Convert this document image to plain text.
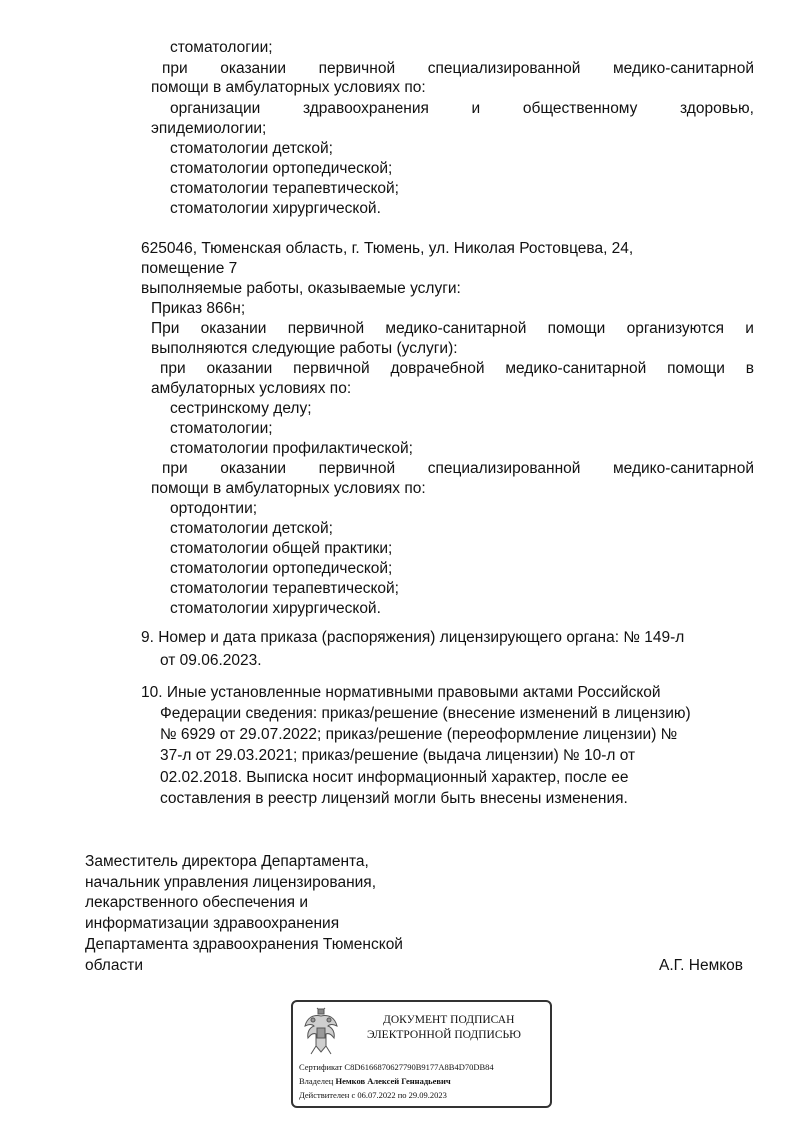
стоматологии;
при оказании первичной специализированной медико-санитарной
помощи в амбулаторных условиях по:
организации	здравоохранения	и	общественному	здоровью,
эпидемиологии;
стоматологии детской;
стоматологии ортопедической;
стоматологии терапевтической;
стоматологии хирургической.
625046, Тюменская область, г. Тюмень, ул. Николая Ростовцева, 24,
помещение 7
выполняемые работы, оказываемые услуги:
Приказ 866н;
При оказании первичной медико-санитарной помощи организуются и
выполняются следующие работы (услуги):
при оказании первичной доврачебной медико-санитарной помощи в
амбулаторных условиях по:
сестринскому делу;
стоматологии;
стоматологии профилактической;
при оказании первичной специализированной медико-санитарной
помощи в амбулаторных условиях по:
ортодонтии;
стоматологии детской;
стоматологии общей практики;
стоматологии ортопедической;
стоматологии терапевтической;
стоматологии хирургической.
9. Номер и дата приказа (распоряжения) лицензирующего органа: № 149-л
от 09.06.2023.
10. Иные установленные нормативными правовыми актами Российской
Федерации сведения: приказ/решение (внесение изменений в лицензию)
№ 6929 от 29.07.2022; приказ/решение (переоформление лицензии) №
37-л от 29.03.2021; приказ/решение (выдача лицензии) № 10-л от
02.02.2018. Выписка носит информационный характер, после ее
составления в реестр лицензий могли быть внесены изменения.
Заместитель директора Департамента,
начальник управления лицензирования,
лекарственного обеспечения и
информатизации здравоохранения
Департамента здравоохранения Тюменской
области	А.Г. Немков
ДОКУМЕНТ ПОДПИСАН
ЭЛЕКТРОННОЙ ПОДПИСЬЮ
Сертификат C8D6166870627790B9177A8B4D70DB84
Владелец Немков Алексей Геннадьевич
Действителен с 06.07.2022 по 29.09.2023
